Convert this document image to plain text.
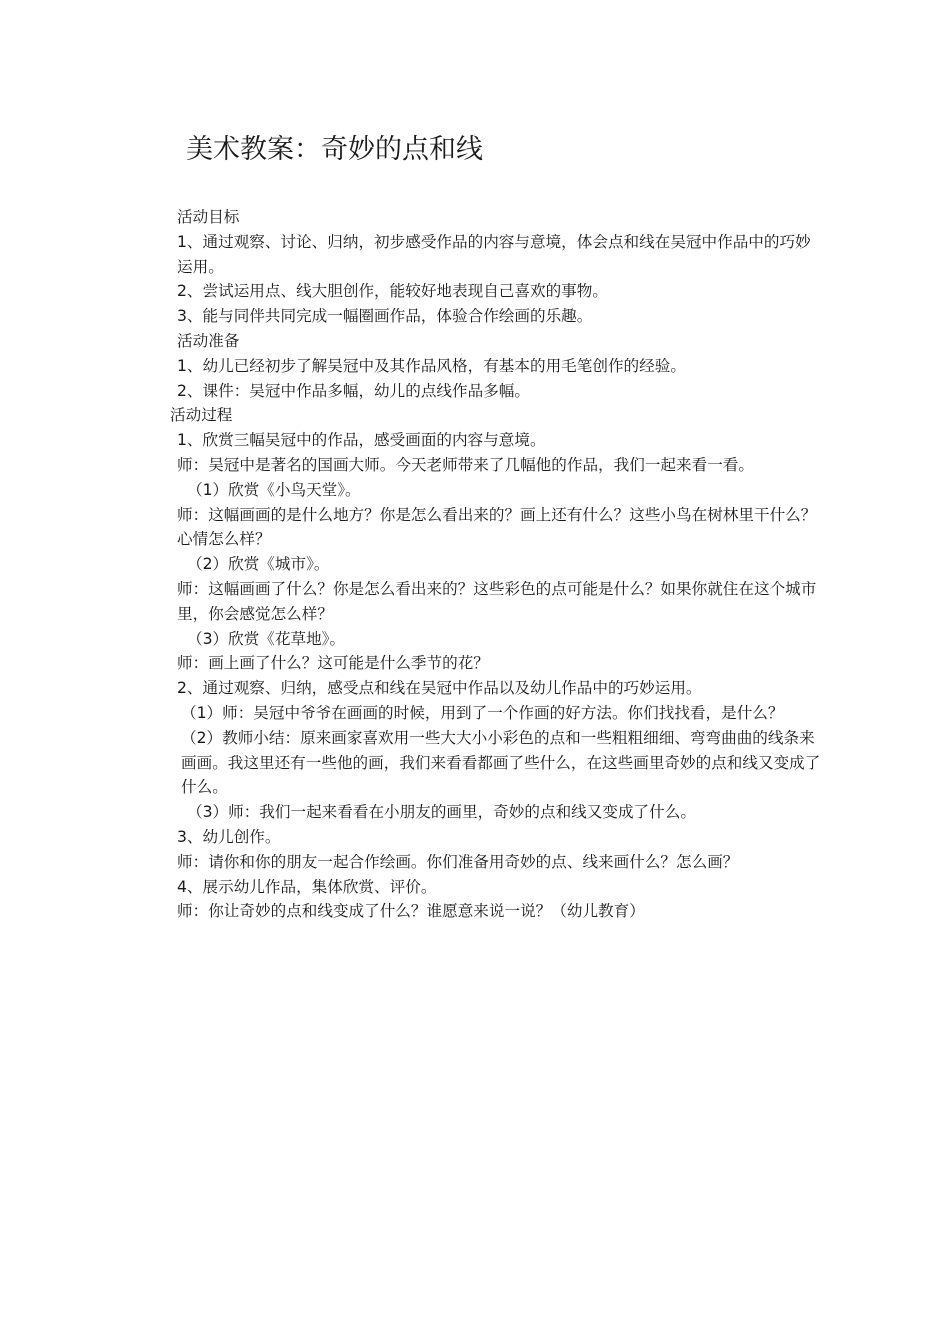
美术教案：奇妙的点和线

活动目标

1、通过观察、讨论、归纳，初步感受作品的内容与意境，体会点和线在吴冠中作品中的巧妙运用。

2、尝试运用点、线大胆创作，能较好地表现自己喜欢的事物。

3、能与同伴共同完成一幅圈画作品，体验合作绘画的乐趣。

活动准备

1、幼儿已经初步了解吴冠中及其作品风格，有基本的用毛笔创作的经验。

2、课件：吴冠中作品多幅，幼儿的点线作品多幅。

活动过程

1、欣赏三幅吴冠中的作品，感受画面的内容与意境。

师：吴冠中是著名的国画大师。今天老师带来了几幅他的作品，我们一起来看一看。

（1）欣赏《小鸟天堂》。

师：这幅画画的是什么地方？你是怎么看出来的？画上还有什么？这些小鸟在树林里干什么？心情怎么样？

（2）欣赏《城市》。

师：这幅画画了什么？你是怎么看出来的？这些彩色的点可能是什么？如果你就住在这个城市里，你会感觉怎么样？

（3）欣赏《花草地》。

师：画上画了什么？这可能是什么季节的花？

2、通过观察、归纳，感受点和线在吴冠中作品以及幼儿作品中的巧妙运用。

（1）师：吴冠中爷爷在画画的时候，用到了一个作画的好方法。你们找找看，是什么？

（2）教师小结：原来画家喜欢用一些大大小小彩色的点和一些粗粗细细、弯弯曲曲的线条来画画。我这里还有一些他的画，我们来看看都画了些什么，在这些画里奇妙的点和线又变成了什么。

（3）师：我们一起来看看在小朋友的画里，奇妙的点和线又变成了什么。

3、幼儿创作。

师：请你和你的朋友一起合作绘画。你们准备用奇妙的点、线来画什么？怎么画？

4、展示幼儿作品，集体欣赏、评价。

师：你让奇妙的点和线变成了什么？谁愿意来说一说？（幼儿教育）
